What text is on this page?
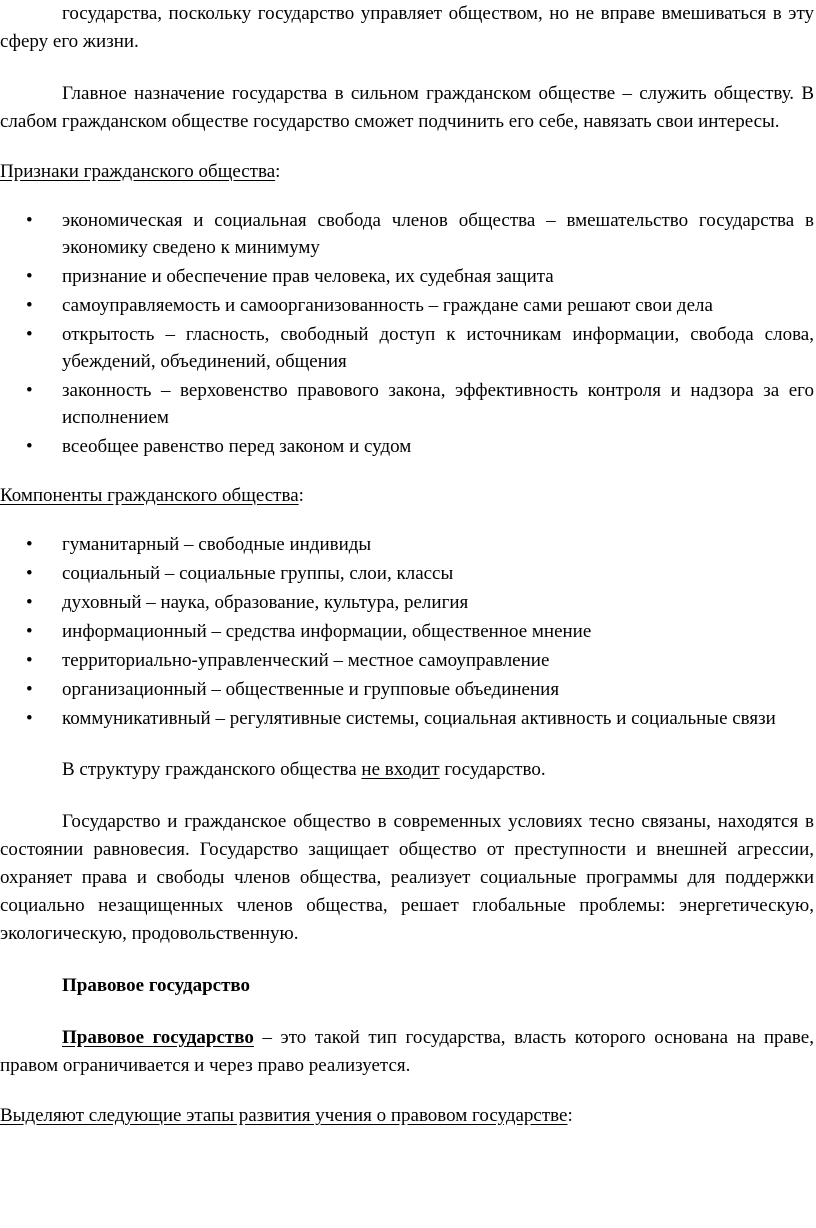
государства, поскольку государство управляет обществом, но не вправе вмешиваться в эту сферу его жизни.

Главное назначение государства в сильном гражданском обществе – служить обществу. В слабом гражданском обществе государство сможет подчинить его себе, навязать свои интересы.

Признаки гражданского общества:

• экономическая и социальная свобода членов общества – вмешательство государства в экономику сведено к минимуму
• признание и обеспечение прав человека, их судебная защита
• самоуправляемость и самоорганизованность – граждане сами решают свои дела
• открытость – гласность, свободный доступ к источникам информации, свобода слова, убеждений, объединений, общения
• законность – верховенство правового закона, эффективность контроля и надзора за его исполнением
• всеобщее равенство перед законом и судом

Компоненты гражданского общества:

• гуманитарный – свободные индивиды
• социальный – социальные группы, слои, классы
• духовный – наука, образование, культура, религия
• информационный – средства информации, общественное мнение
• территориально-управленческий – местное самоуправление
• организационный – общественные и групповые объединения
• коммуникативный – регулятивные системы, социальная активность и социальные связи

В структуру гражданского общества не входит государство.

Государство и гражданское общество в современных условиях тесно связаны, находятся в состоянии равновесия. Государство защищает общество от преступности и внешней агрессии, охраняет права и свободы членов общества, реализует социальные программы для поддержки социально незащищенных членов общества, решает глобальные проблемы: энергетическую, экологическую, продовольственную.

Правовое государство

Правовое государство – это такой тип государства, власть которого основана на праве, правом ограничивается и через право реализуется.

Выделяют следующие этапы развития учения о правовом государстве:
